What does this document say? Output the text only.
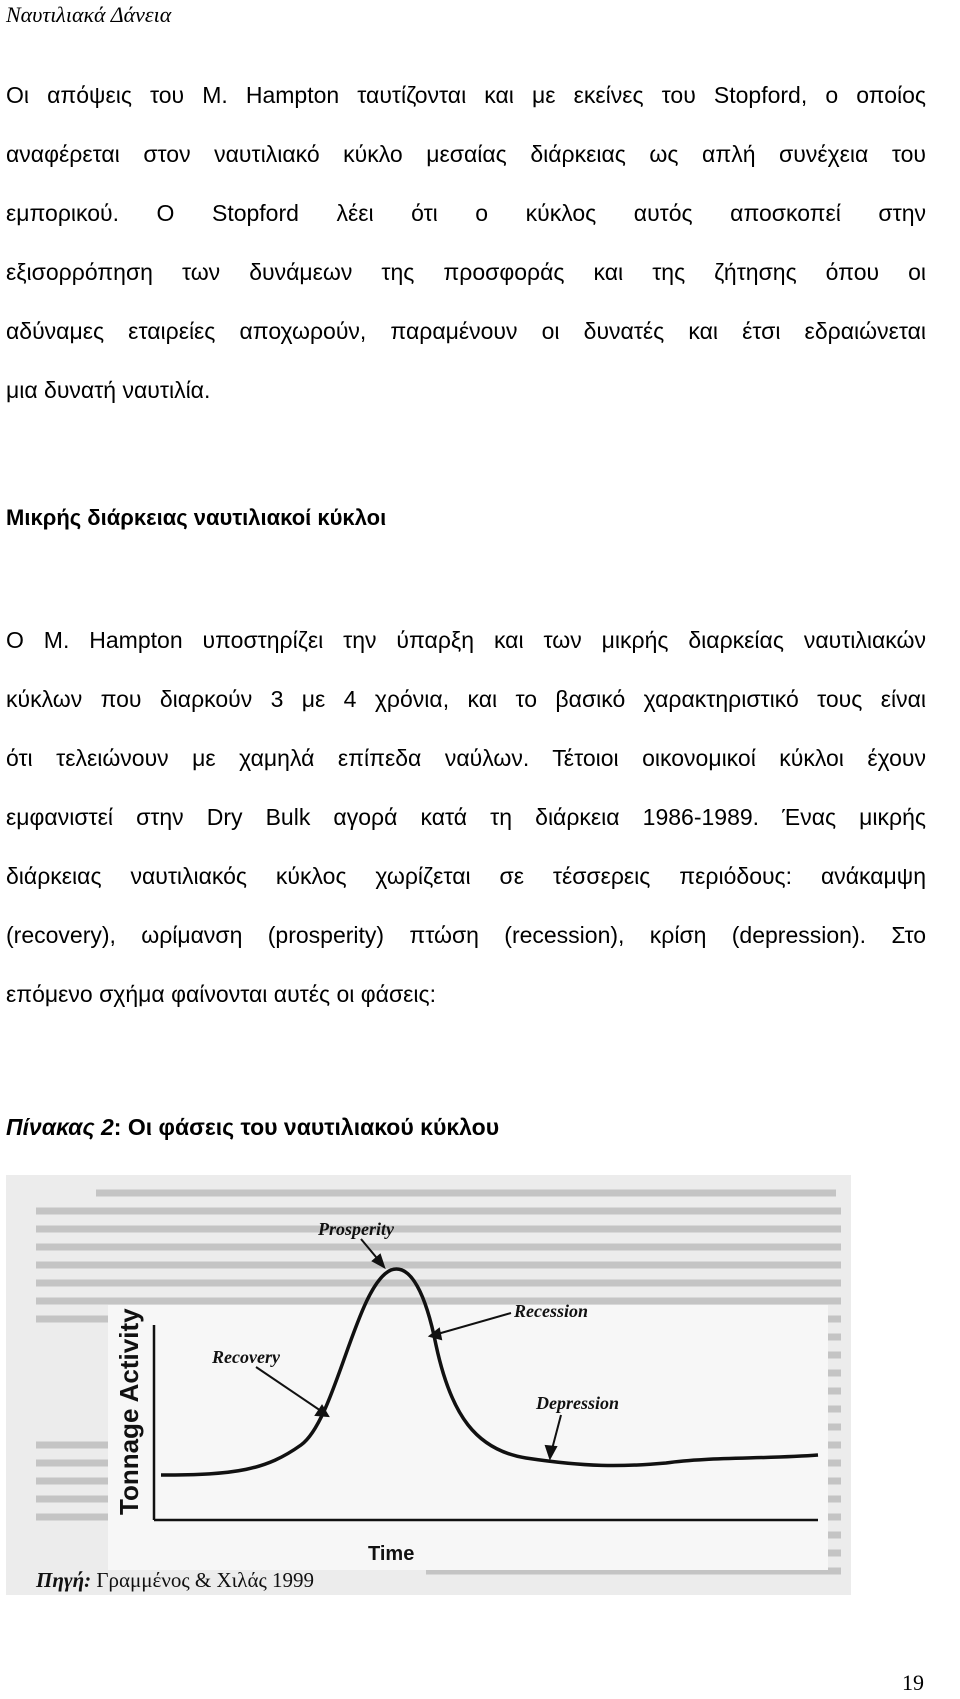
Ναυτιλιακά Δάνεια
Οι απόψεις του M. Hampton ταυτίζονται και με εκείνες του Stopford, ο οποίος
αναφέρεται στον ναυτιλιακό κύκλο μεσαίας διάρκειας ως απλή συνέχεια του
εμπορικού. Ο Stopford λέει ότι ο κύκλος αυτός αποσκοπεί στην
εξισορρόπηση των δυνάμεων της προσφοράς και της ζήτησης όπου οι
αδύναμες εταιρείες αποχωρούν, παραμένουν οι δυνατές και έτσι εδραιώνεται
μια δυνατή ναυτιλία.
Μικρής διάρκειας ναυτιλιακοί κύκλοι
Ο M. Hampton υποστηρίζει την ύπαρξη και των μικρής διαρκείας ναυτιλιακών
κύκλων που διαρκούν 3 με 4 χρόνια, και το βασικό χαρακτηριστικό τους είναι
ότι τελειώνουν με χαμηλά επίπεδα ναύλων. Τέτοιοι οικονομικοί κύκλοι έχουν
εμφανιστεί στην Dry Bulk αγορά κατά τη διάρκεια 1986-1989. Ένας μικρής
διάρκειας ναυτιλιακός κύκλος χωρίζεται σε τέσσερεις περιόδους: ανάκαμψη
(recovery), ωρίμανση (prosperity) πτώση (recession), κρίση (depression). Στο
επόμενο σχήμα φαίνονται αυτές οι φάσεις:
Πίνακας 2: Οι φάσεις του ναυτιλιακού κύκλου
Tonnage Activity
Time
Prosperity
Recession
Recovery
Depression
Πηγή: Γραμμένος & Χιλάς 1999
19
